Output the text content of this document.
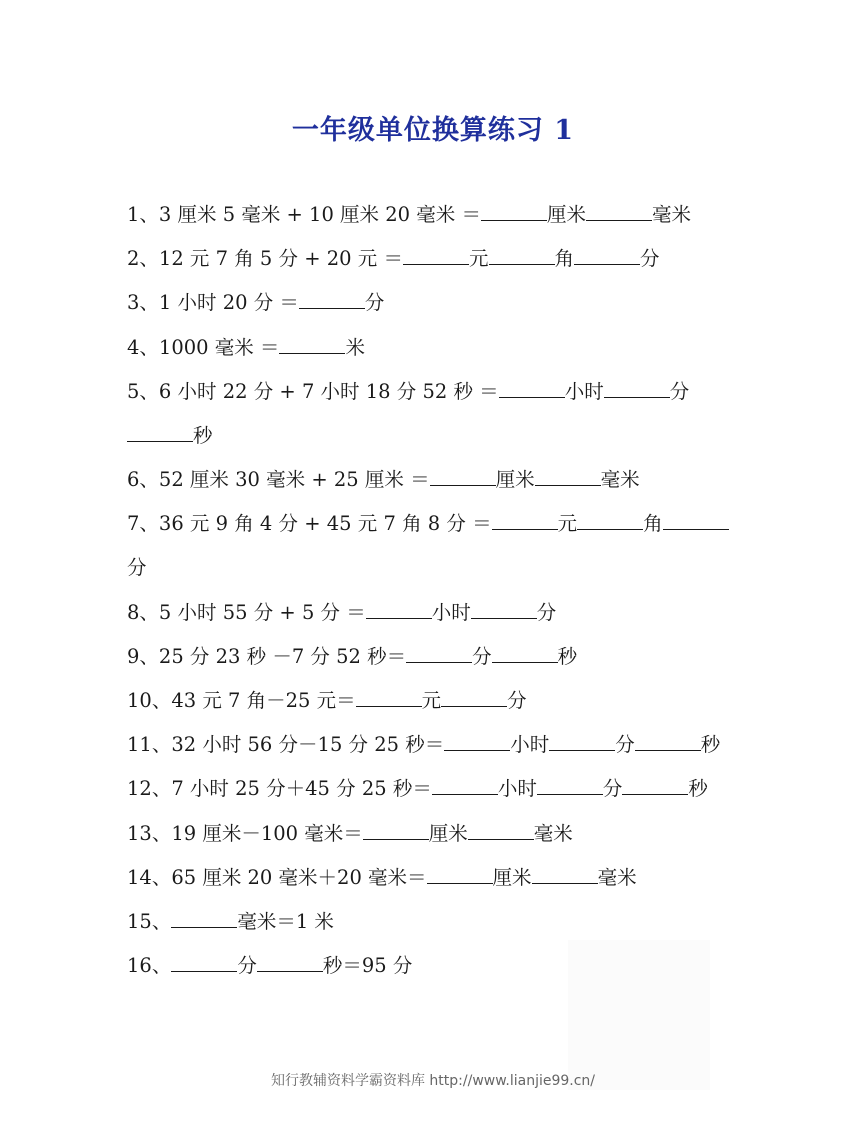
一年级单位换算练习 1
1、3 厘米 5 毫米 + 10 厘米 20 毫米 ＝	厘米	毫米
2、12 元 7 角 5 分 + 20 元 ＝	元	角	分
3、1 小时 20 分 ＝	分
4、1000 毫米 ＝	米
5、6 小时 22 分 + 7 小时 18 分 52 秒 ＝	小时	分
秒
6、52 厘米 30 毫米 + 25 厘米 ＝	厘米	毫米
7、36 元 9 角 4 分 + 45 元 7 角 8 分 ＝	元	角
分
8、5 小时 55 分 + 5 分 ＝	小时	分
9、25 分 23 秒 －7 分 52 秒＝	分	秒
10、43 元 7 角－25 元＝	元	分
11、32 小时 56 分－15 分 25 秒＝	小时	分	秒
12、7 小时 25 分＋45 分 25 秒＝	小时	分	秒
13、19 厘米－100 毫米＝	厘米	毫米
14、65 厘米 20 毫米＋20 毫米＝	厘米	毫米
15、	毫米＝1 米
16、	分	秒＝95 分
知行教辅资料学霸资料库 http://www.lianjie99.cn/
